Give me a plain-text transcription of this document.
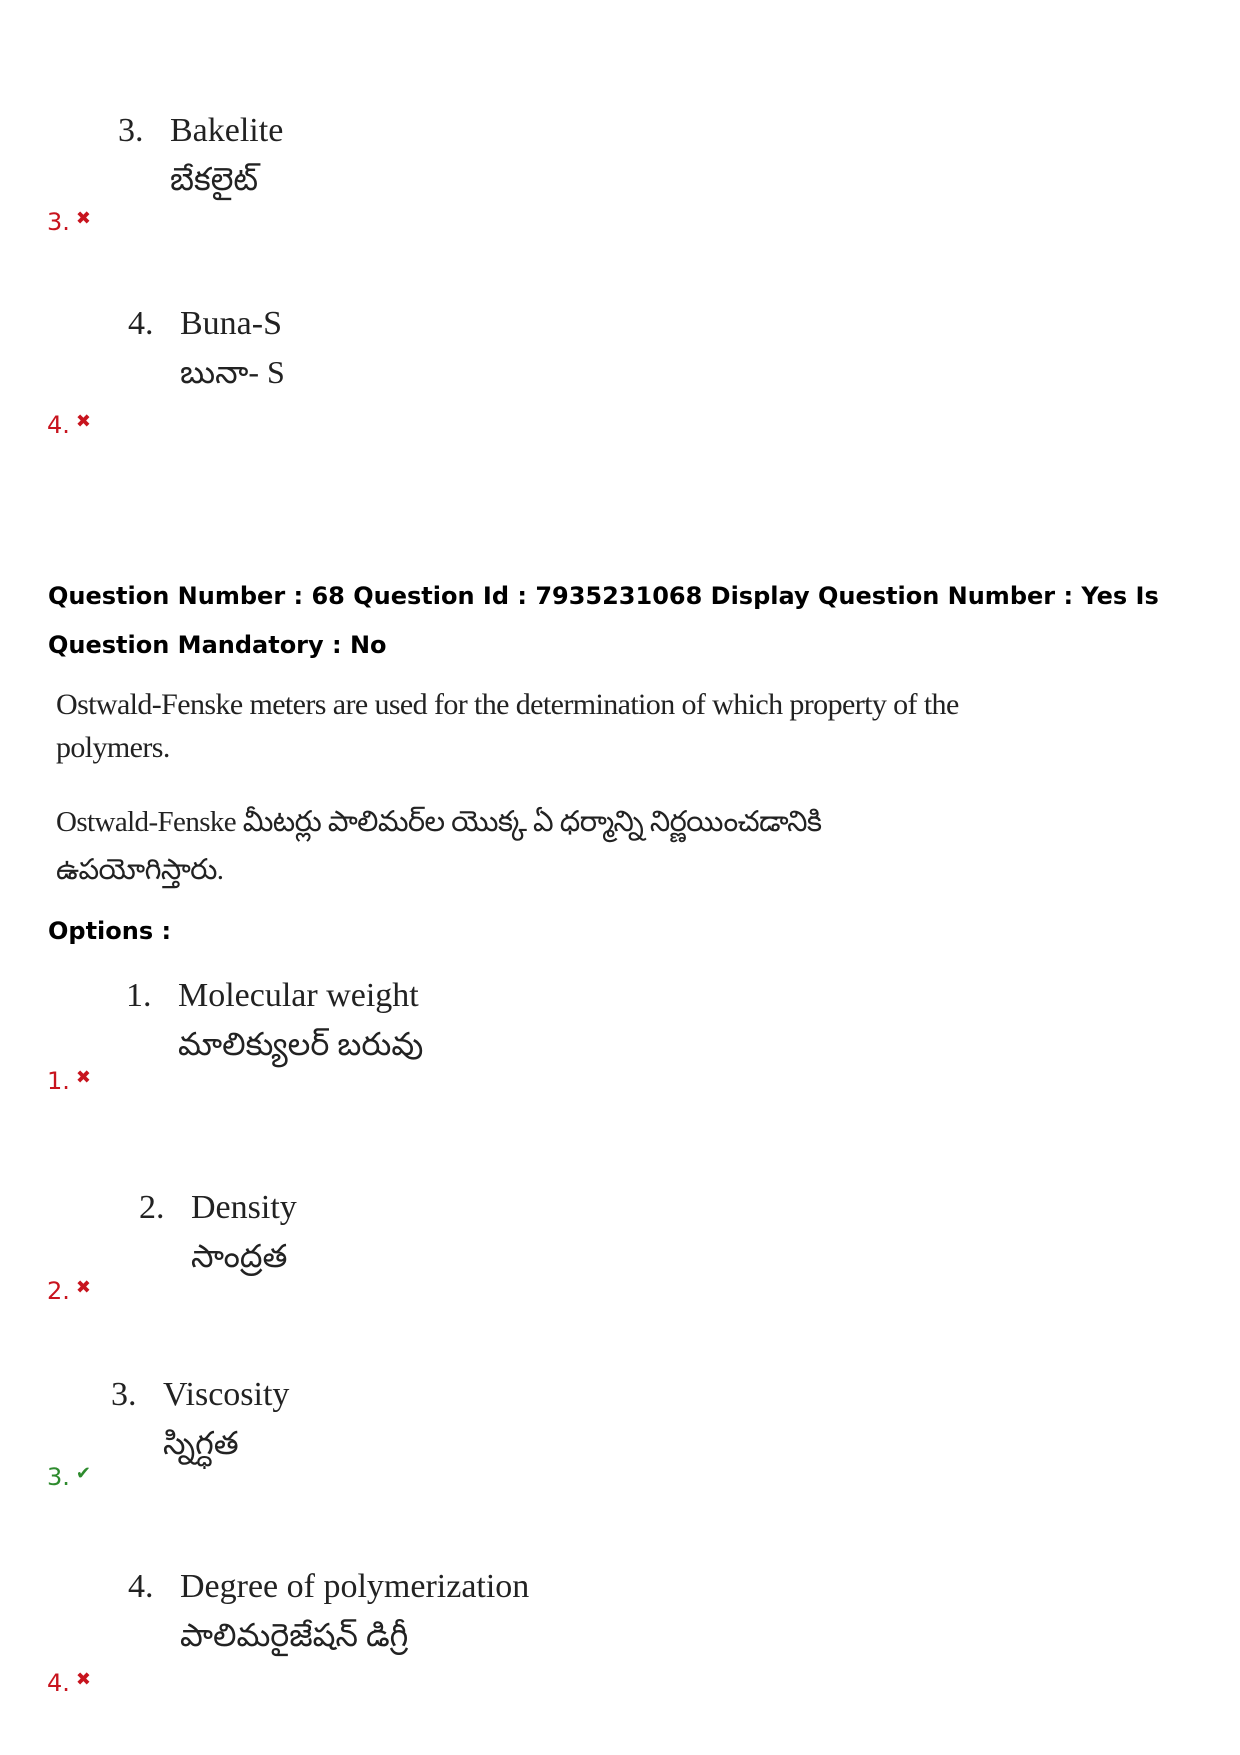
3. Bakelite
బేకలైట్
3. ✖
4. Buna-S
బునా- S
4. ✖
Question Number : 68 Question Id : 7935231068 Display Question Number : Yes Is Question Mandatory : No
Ostwald-Fenske meters are used for the determination of which property of the
polymers.
Ostwald-Fenske మీటర్లు పాలిమర్‌ల యొక్క ఏ ధర్మాన్ని నిర్ణయించడానికి
ఉపయోగిస్తారు.
Options :
1. Molecular weight
మాలిక్యులర్ బరువు
1. ✖
2. Density
సాంద్రత
2. ✖
3. Viscosity
స్నిగ్ధత
3. ✔
4. Degree of polymerization
పాలిమరైజేషన్ డిగ్రీ
4. ✖
